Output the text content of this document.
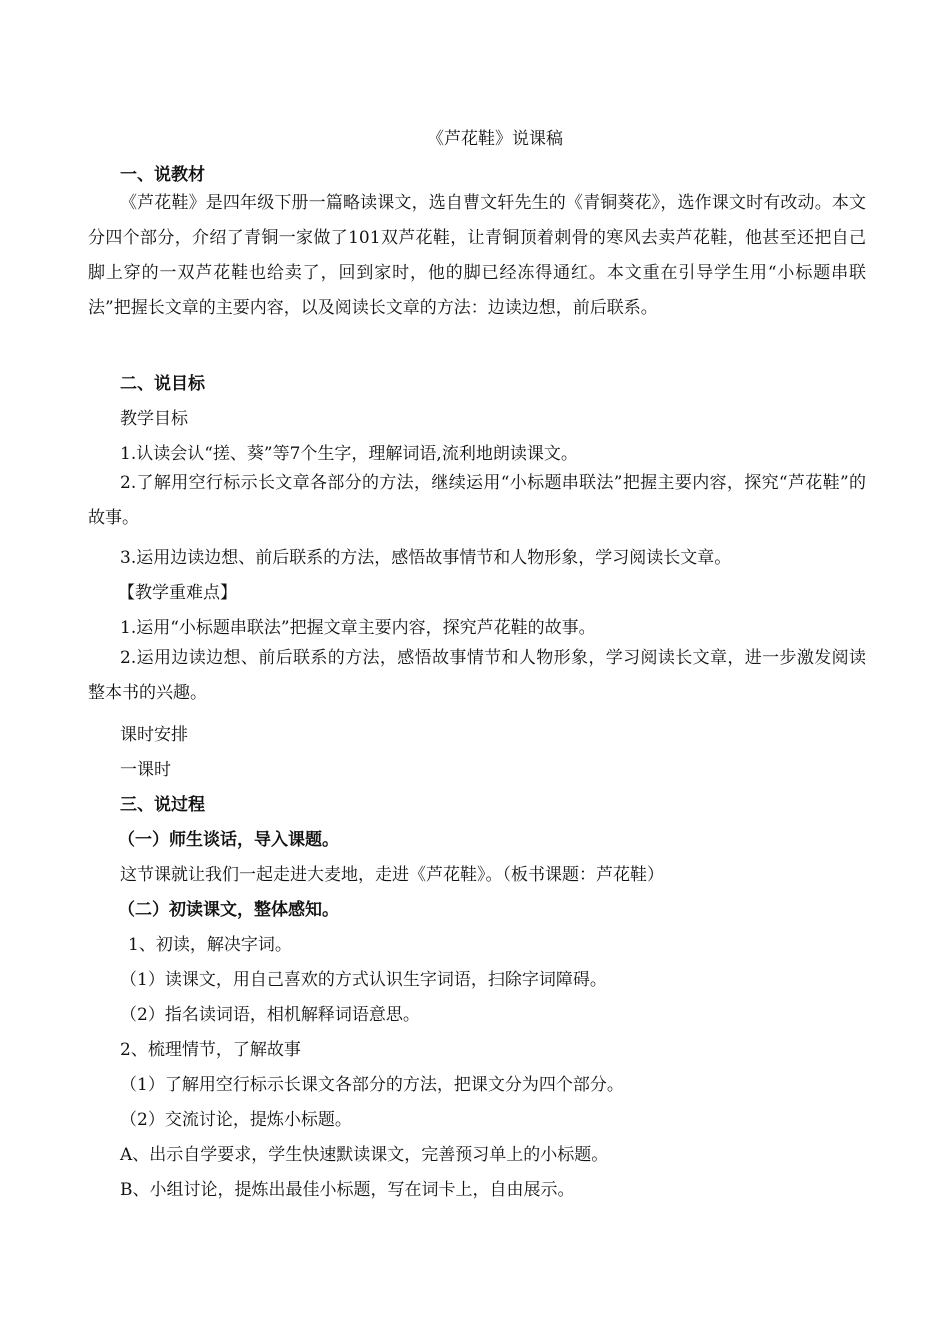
《芦花鞋》说课稿
一、说教材
《芦花鞋》是四年级下册一篇略读课文，选自曹文轩先生的《青铜葵花》，选作课文时有改动。本文分四个部分，介绍了青铜一家做了101双芦花鞋，让青铜顶着刺骨的寒风去卖芦花鞋，他甚至还把自己脚上穿的一双芦花鞋也给卖了，回到家时，他的脚已经冻得通红。本文重在引导学生用“小标题串联法”把握长文章的主要内容，以及阅读长文章的方法：边读边想，前后联系。
二、说目标
教学目标
1.认读会认“搓、葵”等7个生字，理解词语,流利地朗读课文。
2.了解用空行标示长文章各部分的方法，继续运用“小标题串联法”把握主要内容，探究“芦花鞋”的故事。
3.运用边读边想、前后联系的方法，感悟故事情节和人物形象，学习阅读长文章。
【教学重难点】
1.运用“小标题串联法”把握文章主要内容，探究芦花鞋的故事。
2.运用边读边想、前后联系的方法，感悟故事情节和人物形象，学习阅读长文章，进一步激发阅读整本书的兴趣。
课时安排
一课时
三、说过程
（一）师生谈话，导入课题。
这节课就让我们一起走进大麦地，走进《芦花鞋》。（板书课题：芦花鞋）
（二）初读课文，整体感知。
1、初读，解决字词。
（1）读课文，用自己喜欢的方式认识生字词语，扫除字词障碍。
（2）指名读词语，相机解释词语意思。
2、梳理情节，了解故事
（1）了解用空行标示长课文各部分的方法，把课文分为四个部分。
（2）交流讨论，提炼小标题。
A、出示自学要求，学生快速默读课文，完善预习单上的小标题。
B、小组讨论，提炼出最佳小标题，写在词卡上，自由展示。
